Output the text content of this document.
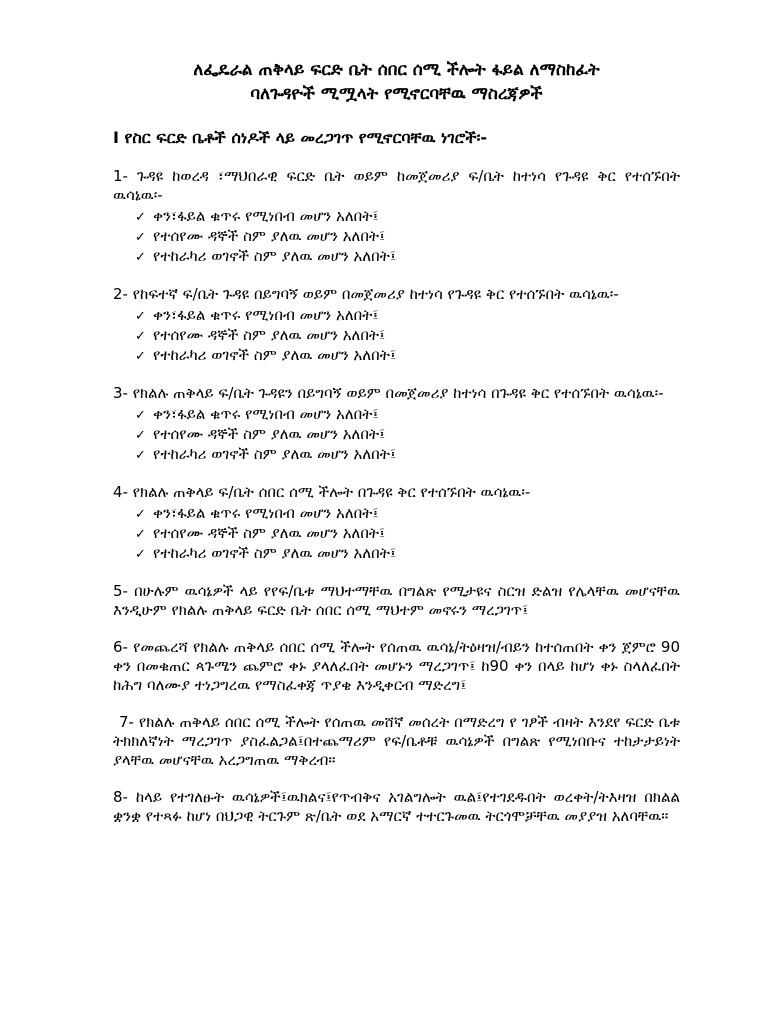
ለፌዴራል ጠቅላይ ፍርድ ቤት ሰበር ሰሚ ችሎት ፋይል ለማስከፈት

ባለጉዳዮች ሚሟላት የሚኖርባቸዉ ማስረጃዎች

I የስር ፍርድ ቤቶች ሰነዶች ላይ መረጋገጥ የሚኖርባቸዉ ነገሮች፡-
1- ጉዳዩ ከወረዳ ፣ማህበራዊ ፍርድ ቤት ወይም ከመጀመሪያ ፍ/ቤት ከተነሳ የጉዳዩ ቅር የተሰኙበት ዉሳኔዉ፡-
✓ ቀን፣ፋይል ቁጥሩ የሚነበብ መሆን አለበት፤
✓ የተሰየሙ ዳኞች ስም ያለዉ መሆን አለበት፤
✓ የተከራካሪ ወገኖች ስም ያለዉ መሆን አለበት፤
2- የከፍተኛ ፍ/ቤት ጉዳዩ በይግባኝ ወይም በመጀመሪያ ከተነሳ የጉዳዩ ቅር የተሰኙበት ዉሳኔዉ፡-
✓ ቀን፣ፋይል ቁጥሩ የሚነበብ መሆን አለበት፤
✓ የተሰየሙ ዳኞች ስም ያለዉ መሆን አለበት፤
✓ የተከራካሪ ወገኖች ስም ያለዉ መሆን አለበት፤
3- የክልሉ ጠቅላይ ፍ/ቤት ጉዳዩን በይግባኝ ወይም በመጀመሪያ ከተነሳ በጉዳዩ ቅር የተሰኙበት ዉሳኔዉ፡-
✓ ቀን፣ፋይል ቁጥሩ የሚነበብ መሆን አለበት፤
✓ የተሰየሙ ዳኞች ስም ያለዉ መሆን አለበት፤
✓ የተከራካሪ ወገኖች ስም ያለዉ መሆን አለበት፤
4- የክልሉ ጠቅላይ ፍ/ቤት ሰበር ሰሚ ችሎት በጉዳዩ ቅር የተሰኙበት ዉሳኔዉ፡-
✓ ቀን፣ፋይል ቁጥሩ የሚነበብ መሆን አለበት፤
✓ የተሰየሙ ዳኞች ስም ያለዉ መሆን አለበት፤
✓ የተከራካሪ ወገኖች ስም ያለዉ መሆን አለበት፤
5- በሁሉም ዉሳኔዎች ላይ የየፍ/ቤቱ ማህተማቸዉ በግልጽ የሚታዩና ስርዝ ድልዝ የሌላቸዉ መሆናቸዉ እንዲሁም የክልሉ ጠቅላይ ፍርድ ቤት ሰበር ሰሚ ማህተም መኖሩን ማረጋገጥ፤
6- የመጨረሻ የክልሉ ጠቅላይ ሰበር ሰሚ ችሎት የሰጠዉ ዉሳኔ/ትዕዛዝ/ብይን ከተሰጠበት ቀን ጀምሮ 90 ቀን በመቁጠር ጳጉሜን ጨምሮ ቀኑ ያላለፈበት መሆኑን ማረጋገጥ፤ ከ90 ቀን በላይ ከሆነ ቀኑ ስላለፈበት ከሕግ ባለሙያ ተነጋግረዉ የማስፈቀጃ ጥያቄ እንዲቀርብ ማድረግ፤
7- የክልሉ ጠቅላይ ሰበር ሰሚ ችሎት የሰጠዉ መሸኛ መሰረት በማድረግ የ ገፆች ብዛት እንደየ ፍርድ ቤቱ ትክክለኛነት ማረጋገጥ ያስፈልጋል፤በተጨማሪም የፍ/ቤቶቹ ዉሳኔዎች በግልጽ የሚነበቡና ተከታታይነት ያላቸዉ መሆናቸዉ አረጋግጠዉ ማቅረብ፡፡
8- ከላይ የተገለፁት ዉሳኔዎች፤ዉክልና፤የጥብቅና አገልግሎት ዉል፤የተገደዱበት ወረቀት/ትእዛዝ በክልል ቋንቋ የተጻፉ ከሆነ በህጋዊ ትርጉም ጽ/ቤት ወደ አማርኛ ተተርጉመዉ ትርጎሞቻቸዉ መያያዝ አለባቸዉ፡፡
